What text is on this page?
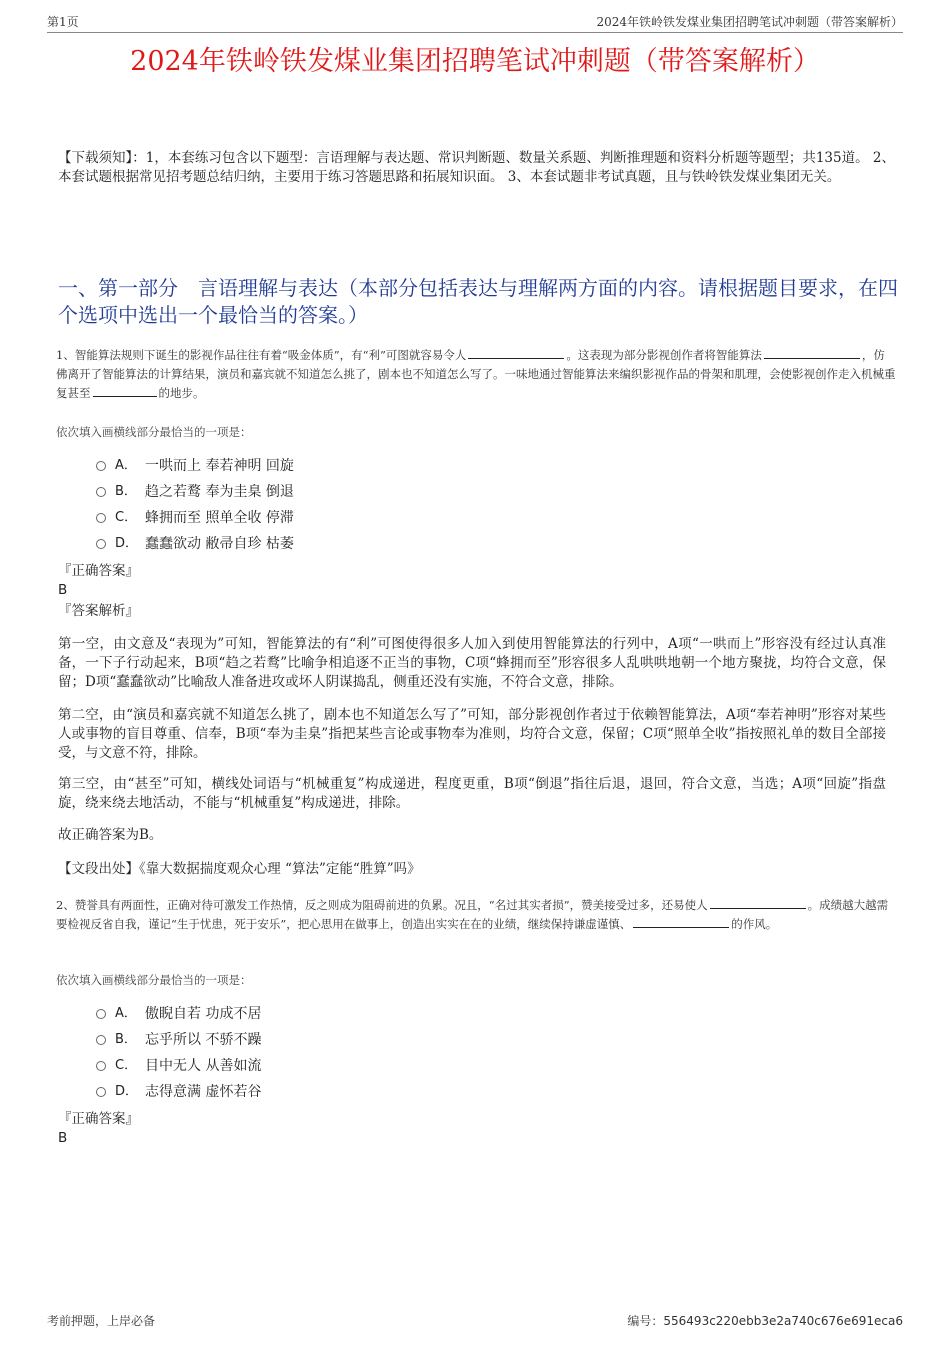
第1页	2024年铁岭铁发煤业集团招聘笔试冲刺题（带答案解析）
2024年铁岭铁发煤业集团招聘笔试冲刺题（带答案解析）
【下载须知】：1，本套练习包含以下题型：言语理解与表达题、常识判断题、数量关系题、判断推理题和资料分析题等题型；共135道。 2、本套试题根据常见招考题总结归纳，主要用于练习答题思路和拓展知识面。 3、本套试题非考试真题，且与铁岭铁发煤业集团无关。
一、第一部分　言语理解与表达（本部分包括表达与理解两方面的内容。请根据题目要求，在四个选项中选出一个最恰当的答案。）
1、智能算法规则下诞生的影视作品往往有着“吸金体质”，有“利”可图就容易令人	。这表现为部分影视创作者将智能算法	，仿佛离开了智能算法的计算结果，演员和嘉宾就不知道怎么挑了，剧本也不知道怎么写了。一味地通过智能算法来编织影视作品的骨架和肌理，会使影视创作走入机械重复甚至	的地步。
依次填入画横线部分最恰当的一项是：
A． 一哄而上 奉若神明 回旋
B． 趋之若鹜 奉为圭臬 倒退
C． 蜂拥而至 照单全收 停滞
D． 蠢蠢欲动 敝帚自珍 枯萎
『正确答案』
B
『答案解析』
第一空，由文意及“表现为”可知，智能算法的有“利”可图使得很多人加入到使用智能算法的行列中，A项“一哄而上”形容没有经过认真准备，一下子行动起来，B项“趋之若鹜”比喻争相追逐不正当的事物，C项“蜂拥而至”形容很多人乱哄哄地朝一个地方聚拢，均符合文意，保留；D项“蠢蠢欲动”比喻敌人准备进攻或坏人阴谋捣乱，侧重还没有实施，不符合文意，排除。
第二空，由“演员和嘉宾就不知道怎么挑了，剧本也不知道怎么写了”可知，部分影视创作者过于依赖智能算法，A项“奉若神明”形容对某些人或事物的盲目尊重、信奉，B项“奉为圭臬”指把某些言论或事物奉为准则，均符合文意，保留；C项“照单全收”指按照礼单的数目全部接受，与文意不符，排除。
第三空，由“甚至”可知，横线处词语与“机械重复”构成递进，程度更重，B项“倒退”指往后退，退回，符合文意，当选；A项“回旋”指盘旋，绕来绕去地活动，不能与“机械重复”构成递进，排除。
故正确答案为B。
【文段出处】《靠大数据揣度观众心理 “算法”定能“胜算”吗》
2、赞誉具有两面性，正确对待可激发工作热情，反之则成为阻碍前进的负累。况且，“名过其实者损”，赞美接受过多，还易使人	。成绩越大越需要检视反省自我，谨记“生于忧患，死于安乐”，把心思用在做事上，创造出实实在在的业绩，继续保持谦虚谨慎、	的作风。
依次填入画横线部分最恰当的一项是：
A． 傲睨自若 功成不居
B． 忘乎所以 不骄不躁
C． 目中无人 从善如流
D． 志得意满 虚怀若谷
『正确答案』
B
考前押题，上岸必备	编号：556493c220ebb3e2a740c676e691eca6
